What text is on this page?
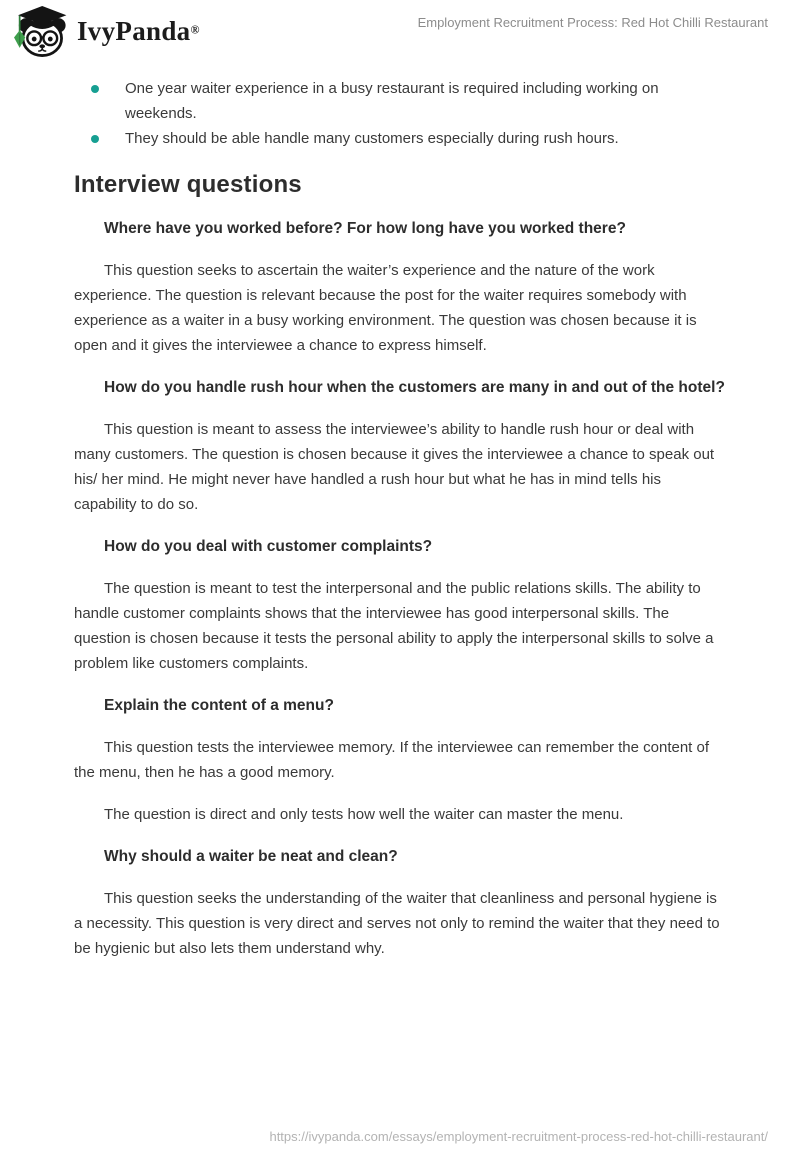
IvyPanda®	Employment Recruitment Process: Red Hot Chilli Restaurant
One year waiter experience in a busy restaurant is required including working on weekends.
They should be able handle many customers especially during rush hours.
Interview questions
Where have you worked before? For how long have you worked there?

This question seeks to ascertain the waiter’s experience and the nature of the work experience. The question is relevant because the post for the waiter requires somebody with experience as a waiter in a busy working environment. The question was chosen because it is open and it gives the interviewee a chance to express himself.

How do you handle rush hour when the customers are many in and out of the hotel?

This question is meant to assess the interviewee’s ability to handle rush hour or deal with many customers. The question is chosen because it gives the interviewee a chance to speak out his/ her mind. He might never have handled a rush hour but what he has in mind tells his capability to do so.

How do you deal with customer complaints?

The question is meant to test the interpersonal and the public relations skills. The ability to handle customer complaints shows that the interviewee has good interpersonal skills. The question is chosen because it tests the personal ability to apply the interpersonal skills to solve a problem like customers complaints.

Explain the content of a menu?

This question tests the interviewee memory. If the interviewee can remember the content of the menu, then he has a good memory.

The question is direct and only tests how well the waiter can master the menu.

Why should a waiter be neat and clean?

This question seeks the understanding of the waiter that cleanliness and personal hygiene is a necessity. This question is very direct and serves not only to remind the waiter that they need to be hygienic but also lets them understand why.

https://ivypanda.com/essays/employment-recruitment-process-red-hot-chilli-restaurant/
